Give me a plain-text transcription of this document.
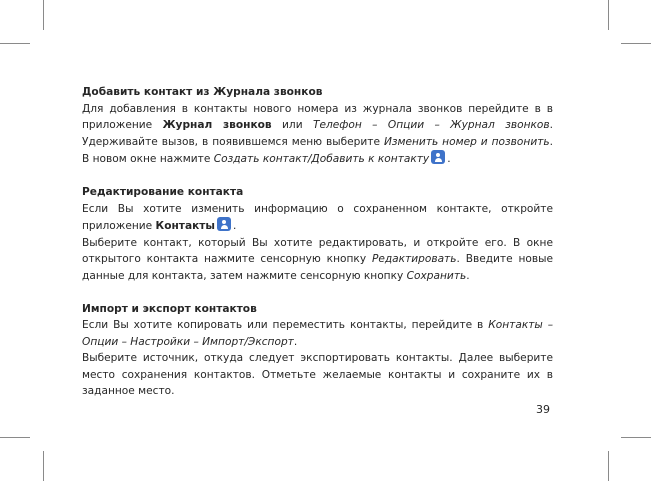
Добавить контакт из Журнала звонков

Для добавления в контакты нового номера из журнала звонков перейдите в в приложение Журнал звонков или Телефон – Опции – Журнал звонков. Удерживайте вызов, в появившемся меню выберите Изменить номер и позвонить. В новом окне нажмите Создать контакт/Добавить к контакту .

Редактирование контакта

Если Вы хотите изменить информацию о сохраненном контакте, откройте приложение Контакты .

Выберите контакт, который Вы хотите редактировать, и откройте его. В окне открытого контакта нажмите сенсорную кнопку Редактировать. Введите новые данные для контакта, затем нажмите сенсорную кнопку Сохранить.

Импорт и экспорт контактов

Если Вы хотите копировать или переместить контакты, перейдите в Контакты – Опции – Настройки – Импорт/Экспорт.

Выберите источник, откуда следует экспортировать контакты. Далее выберите место сохранения контактов. Отметьте желаемые контакты и сохраните их в заданное место.

39
